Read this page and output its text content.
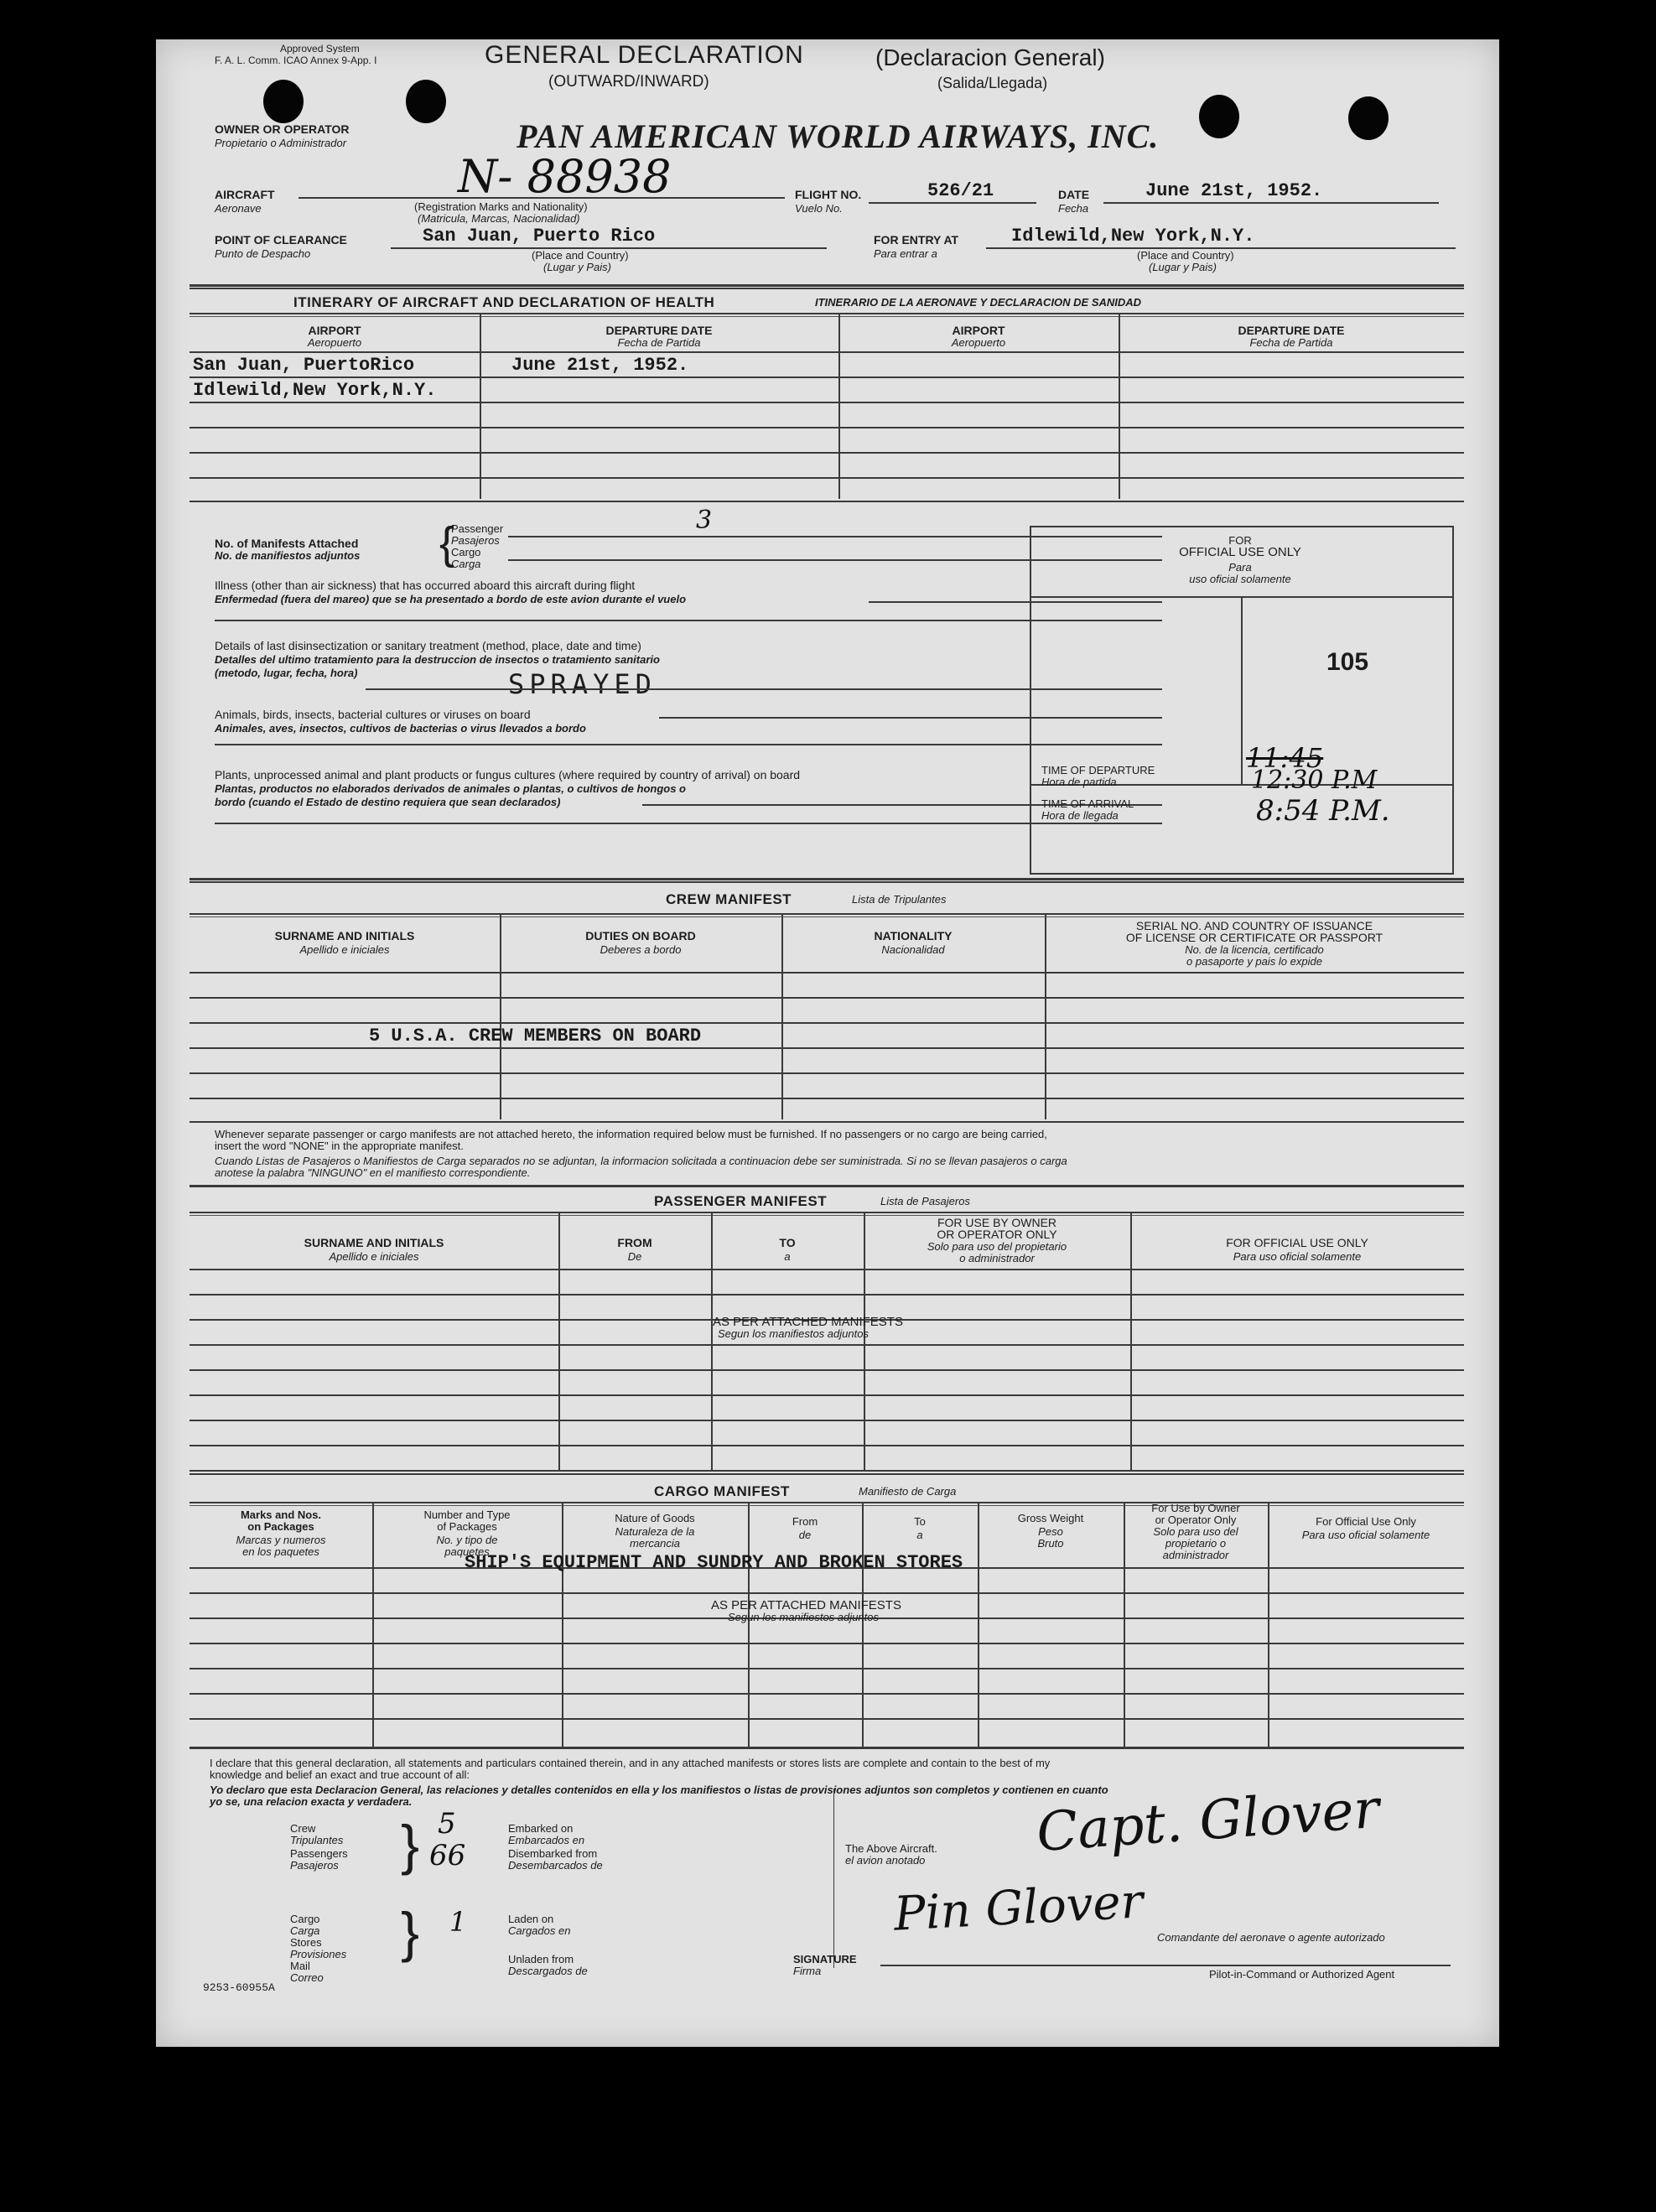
Approved System
F. A. L. Comm. ICAO Annex 9-App. I	GENERAL DECLARATION	(Declaracion General)
(OUTWARD/INWARD)	(Salida/Llegada)
OWNER OR OPERATOR
Propietario o Administrador	PAN AMERICAN WORLD AIRWAYS, INC.
AIRCRAFT
Aeronave
N- 88938
(Registration Marks and Nationality)
(Matricula, Marcas, Nacionalidad)
FLIGHT NO.
Vuelo No.
526/21	DATE
Fecha
June 21st, 1952.
POINT OF CLEARANCE
Punto de Despacho
San Juan, Puerto Rico
(Place and Country)
(Lugar y Pais)
FOR ENTRY AT
Para entrar a
Idlewild,New York,N.Y.
(Place and Country)
(Lugar y Pais)
ITINERARY OF AIRCRAFT AND DECLARATION OF HEALTH	ITINERARIO DE LA AERONAVE Y DECLARACION DE SANIDAD
AIRPORT
Aeropuerto
DEPARTURE DATE
Fecha de Partida
AIRPORT
Aeropuerto
DEPARTURE DATE
Fecha de Partida
San Juan, PuertoRico	June 21st, 1952.
Idlewild,New York,N.Y.
No. of Manifests Attached
No. de manifiestos adjuntos
Passenger
Pasajeros
Cargo
Carga
{	3
Illness (other than air sickness) that has occurred aboard this aircraft during flight
Enfermedad (fuera del mareo) que se ha presentado a bordo de este avion durante el vuelo
Details of last disinsectization or sanitary treatment (method, place, date and time)
Detalles del ultimo tratamiento para la destruccion de insectos o tratamiento sanitario
(metodo, lugar, fecha, hora)	SPRAYED
Animals, birds, insects, bacterial cultures or viruses on board
Animales, aves, insectos, cultivos de bacterias o virus llevados a bordo
Plants, unprocessed animal and plant products or fungus cultures (where required by country of arrival) on board
Plantas, productos no elaborados derivados de animales o plantas, o cultivos de hongos o
bordo (cuando el Estado de destino requiera que sean declarados)
FOR
OFFICIAL USE ONLY
Para
uso oficial solamente
105
TIME OF DEPARTURE
Hora de partida
11:45
12:30 P.M
TIME OF ARRIVAL
Hora de llegada	8:54 P.M.
CREW MANIFEST	Lista de Tripulantes
SURNAME AND INITIALS
Apellido e iniciales
DUTIES ON BOARD
Deberes a bordo
NATIONALITY
Nacionalidad
SERIAL NO. AND COUNTRY OF ISSUANCE
OF LICENSE OR CERTIFICATE OR PASSPORT
No. de la licencia, certificado
o pasaporte y pais lo expide
5 U.S.A. CREW MEMBERS ON BOARD
Whenever separate passenger or cargo manifests are not attached hereto, the information required below must be furnished. If no passengers or no cargo are being carried,
insert the word "NONE" in the appropriate manifest.
Cuando Listas de Pasajeros o Manifiestos de Carga separados no se adjuntan, la informacion solicitada a continuacion debe ser suministrada. Si no se llevan pasajeros o carga
anotese la palabra "NINGUNO" en el manifiesto correspondiente.
PASSENGER MANIFEST	Lista de Pasajeros
SURNAME AND INITIALS
Apellido e iniciales
FROM
De
TO
a
FOR USE BY OWNER
OR OPERATOR ONLY
Solo para uso del propietario
o administrador
FOR OFFICIAL USE ONLY
Para uso oficial solamente
AS PER ATTACHED MANIFESTS
Segun los manifiestos adjuntos
CARGO MANIFEST	Manifiesto de Carga
Marks and Nos.
on Packages
Marcas y numeros
en los paquetes
Number and Type
of Packages
No. y tipo de
paquetes
Nature of Goods
Naturaleza de la
mercancia
From
de
To
a
Gross Weight
Peso
Bruto
For Use by Owner
or Operator Only
Solo para uso del
propietario o
administrador
For Official Use Only
Para uso oficial solamente
SHIP'S EQUIPMENT AND SUNDRY AND BROKEN STORES
AS PER ATTACHED MANIFESTS
Segun los manifiestos adjuntos
I declare that this general declaration, all statements and particulars contained therein, and in any attached manifests or stores lists are complete and contain to the best of my
knowledge and belief an exact and true account of all:
Yo declaro que esta Declaracion General, las relaciones y detalles contenidos en ella y los manifiestos o listas de provisiones adjuntos son completos y contienen en cuanto
yo se, una relacion exacta y verdadera.
Crew
Tripulantes
Passengers
Pasajeros } 5
66
Embarked on
Embarcados en
Disembarked from
Desembarcados de
Cargo
Carga
Stores
Provisiones
Mail
Correo
} 1	Laden on
Cargados en
Unladen from
Descargados de
The Above Aircraft.
el avion anotado Capt. Glover
Pin Glover Comandante del aeronave o agente autorizado
SIGNATURE
Firma	Pilot-in-Command or Authorized Agent
9253-60955A
